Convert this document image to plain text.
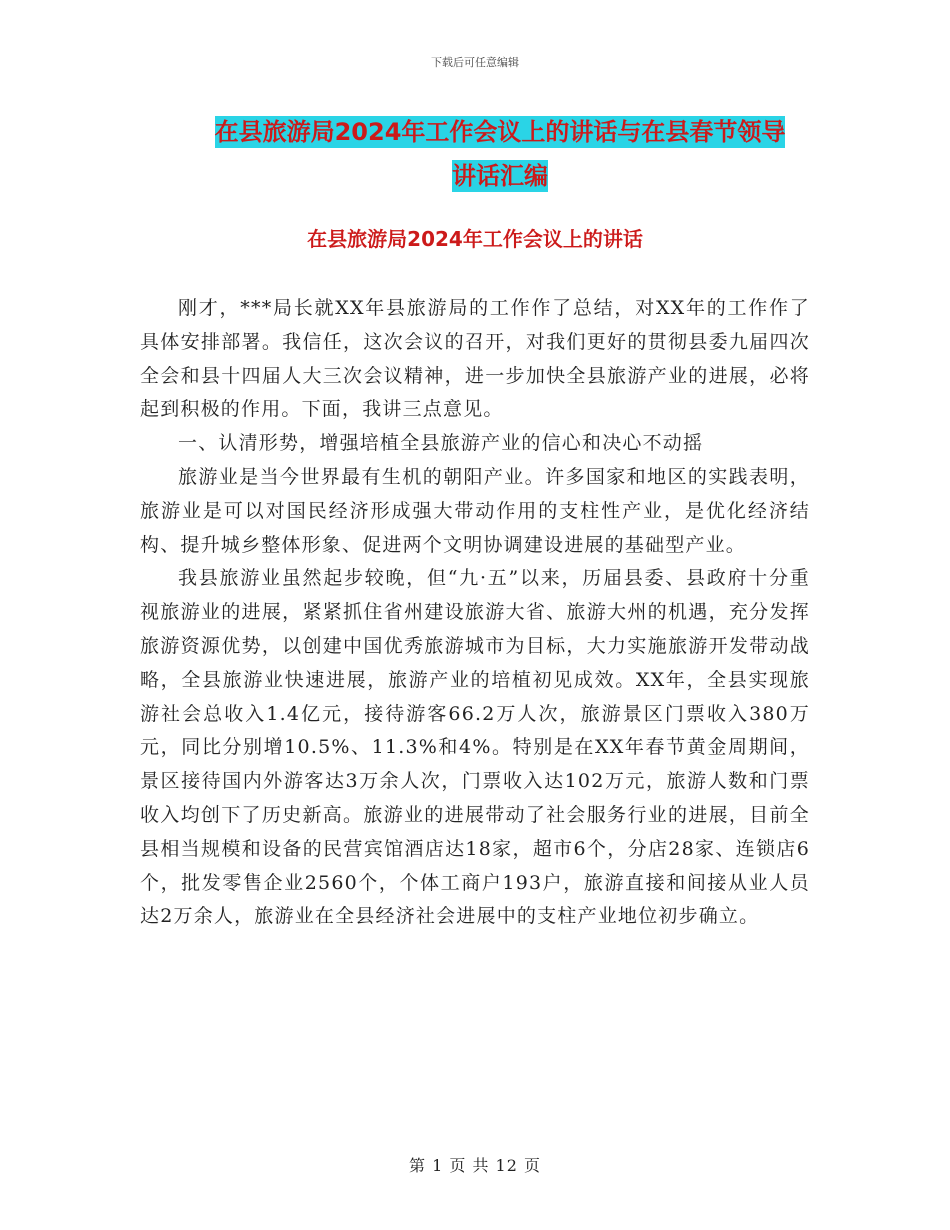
下载后可任意编辑
在县旅游局2024年工作会议上的讲话与在县春节领导
讲话汇编
在县旅游局2024年工作会议上的讲话

刚才，***局长就XX年县旅游局的工作作了总结，对XX年的工作作了具体安排部署。我信任，这次会议的召开，对我们更好的贯彻县委九届四次全会和县十四届人大三次会议精神，进一步加快全县旅游产业的进展，必将起到积极的作用。下面，我讲三点意见。

一、认清形势，增强培植全县旅游产业的信心和决心不动摇

旅游业是当今世界最有生机的朝阳产业。许多国家和地区的实践表明，旅游业是可以对国民经济形成强大带动作用的支柱性产业，是优化经济结构、提升城乡整体形象、促进两个文明协调建设进展的基础型产业。

我县旅游业虽然起步较晚，但“九·五”以来，历届县委、县政府十分重视旅游业的进展，紧紧抓住省州建设旅游大省、旅游大州的机遇，充分发挥旅游资源优势，以创建中国优秀旅游城市为目标，大力实施旅游开发带动战略，全县旅游业快速进展，旅游产业的培植初见成效。XX年，全县实现旅游社会总收入1.4亿元，接待游客66.2万人次，旅游景区门票收入380万元，同比分别增10.5%、11.3%和4%。特别是在XX年春节黄金周期间，景区接待国内外游客达3万余人次，门票收入达102万元，旅游人数和门票收入均创下了历史新高。旅游业的进展带动了社会服务行业的进展，目前全县相当规模和设备的民营宾馆酒店达18家，超市6个，分店28家、连锁店6个，批发零售企业2560个，个体工商户193户，旅游直接和间接从业人员达2万余人，旅游业在全县经济社会进展中的支柱产业地位初步确立。

第 1 页 共 12 页
